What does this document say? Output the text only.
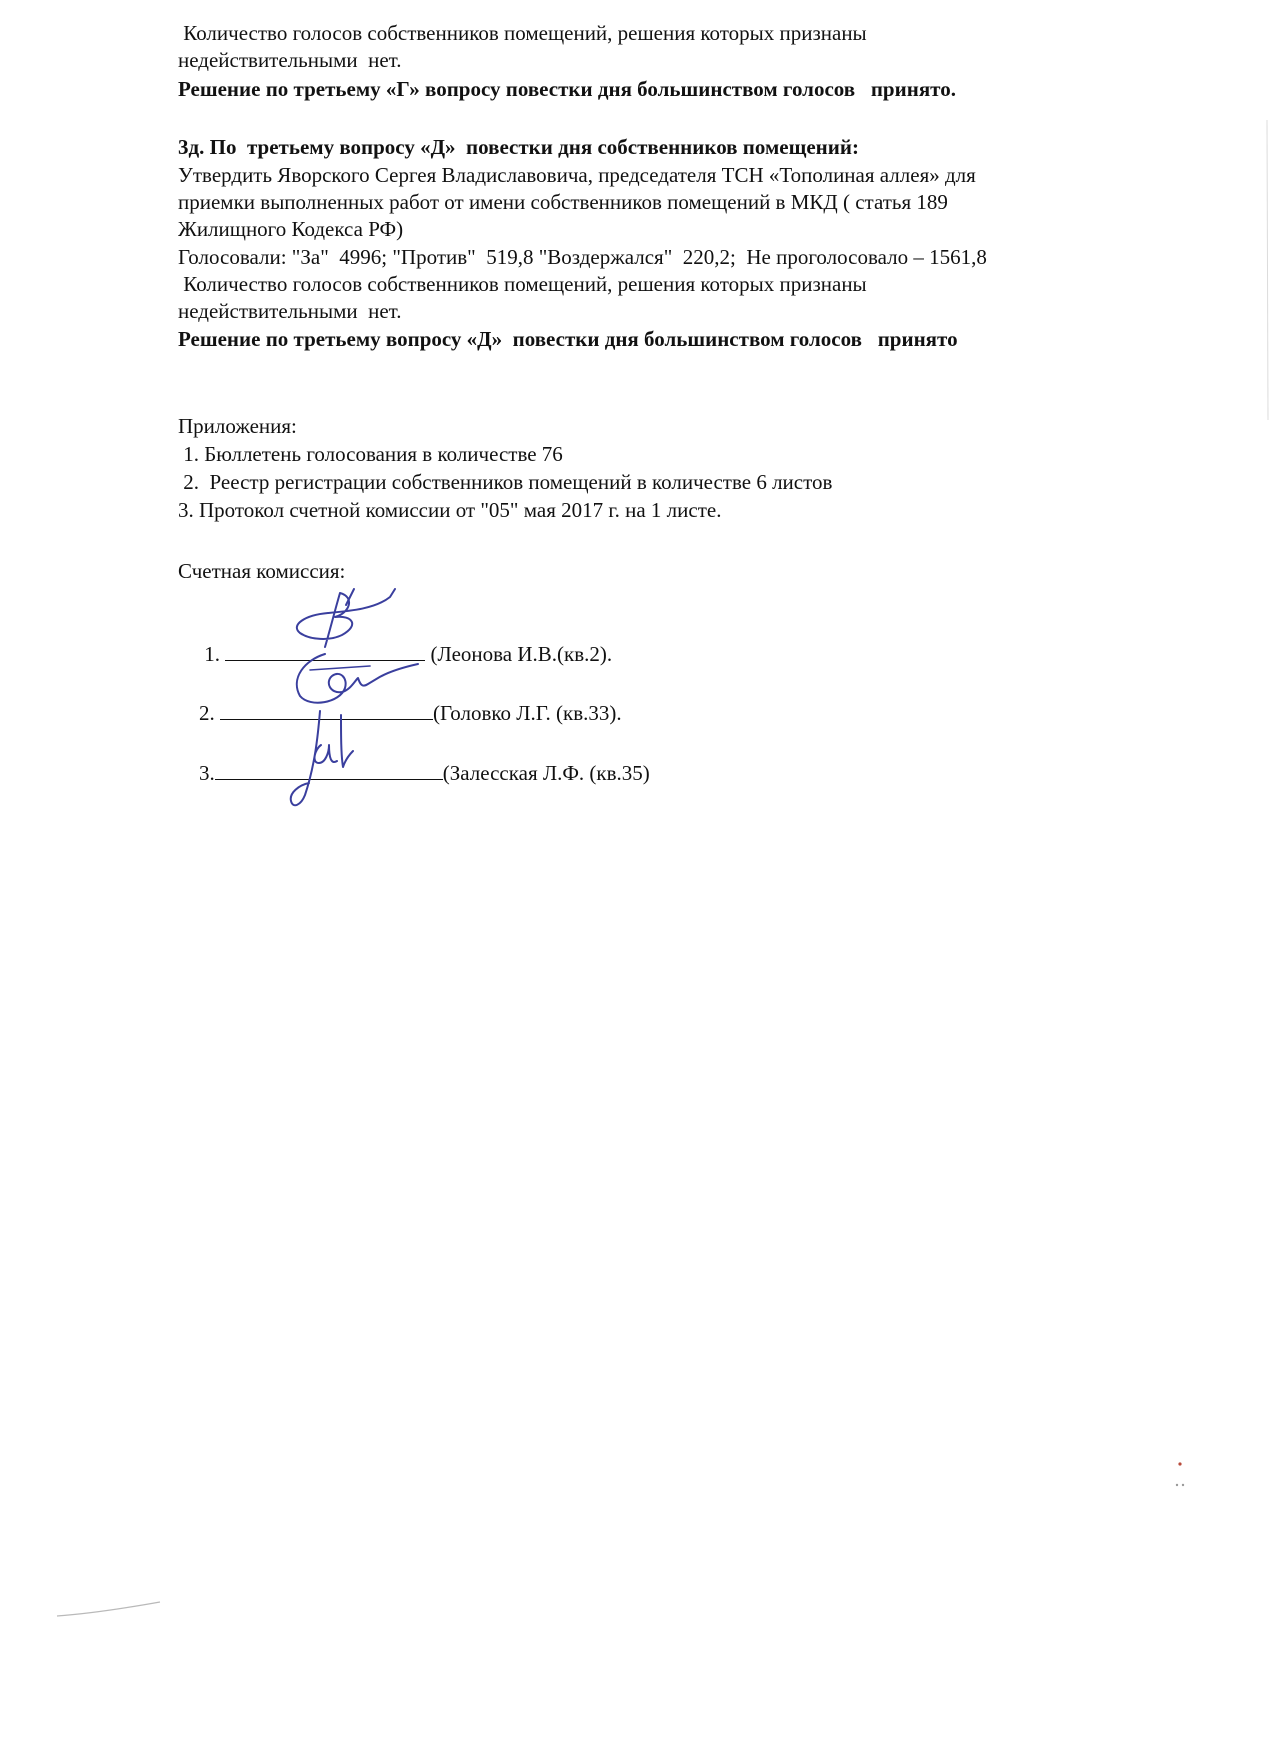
Количество голосов собственников помещений, решения которых признаны
недействительными  нет.
Решение по третьему «Г» вопросу повестки дня большинством голосов   принято.
3д. По  третьему вопросу «Д»  повестки дня собственников помещений:
Утвердить Яворского Сергея Владиславовича, председателя ТСН «Тополиная аллея» для
приемки выполненных работ от имени собственников помещений в МКД ( статья 189
Жилищного Кодекса РФ)
Голосовали: "За"  4996; "Против"  519,8 "Воздержался"  220,2;  Не проголосовало – 1561,8
Количество голосов собственников помещений, решения которых признаны
недействительными  нет.
Решение по третьему вопросу «Д»  повестки дня большинством голосов   принято
Приложения:
1. Бюллетень голосования в количестве 76
2.  Реестр регистрации собственников помещений в количестве 6 листов
3. Протокол счетной комиссии от "05" мая 2017 г. на 1 листе.
Счетная комиссия:

1.	(Леонова И.В.(кв.2).

2.	(Головко Л.Г. (кв.33).

3.	(Залесская Л.Ф. (кв.35)
